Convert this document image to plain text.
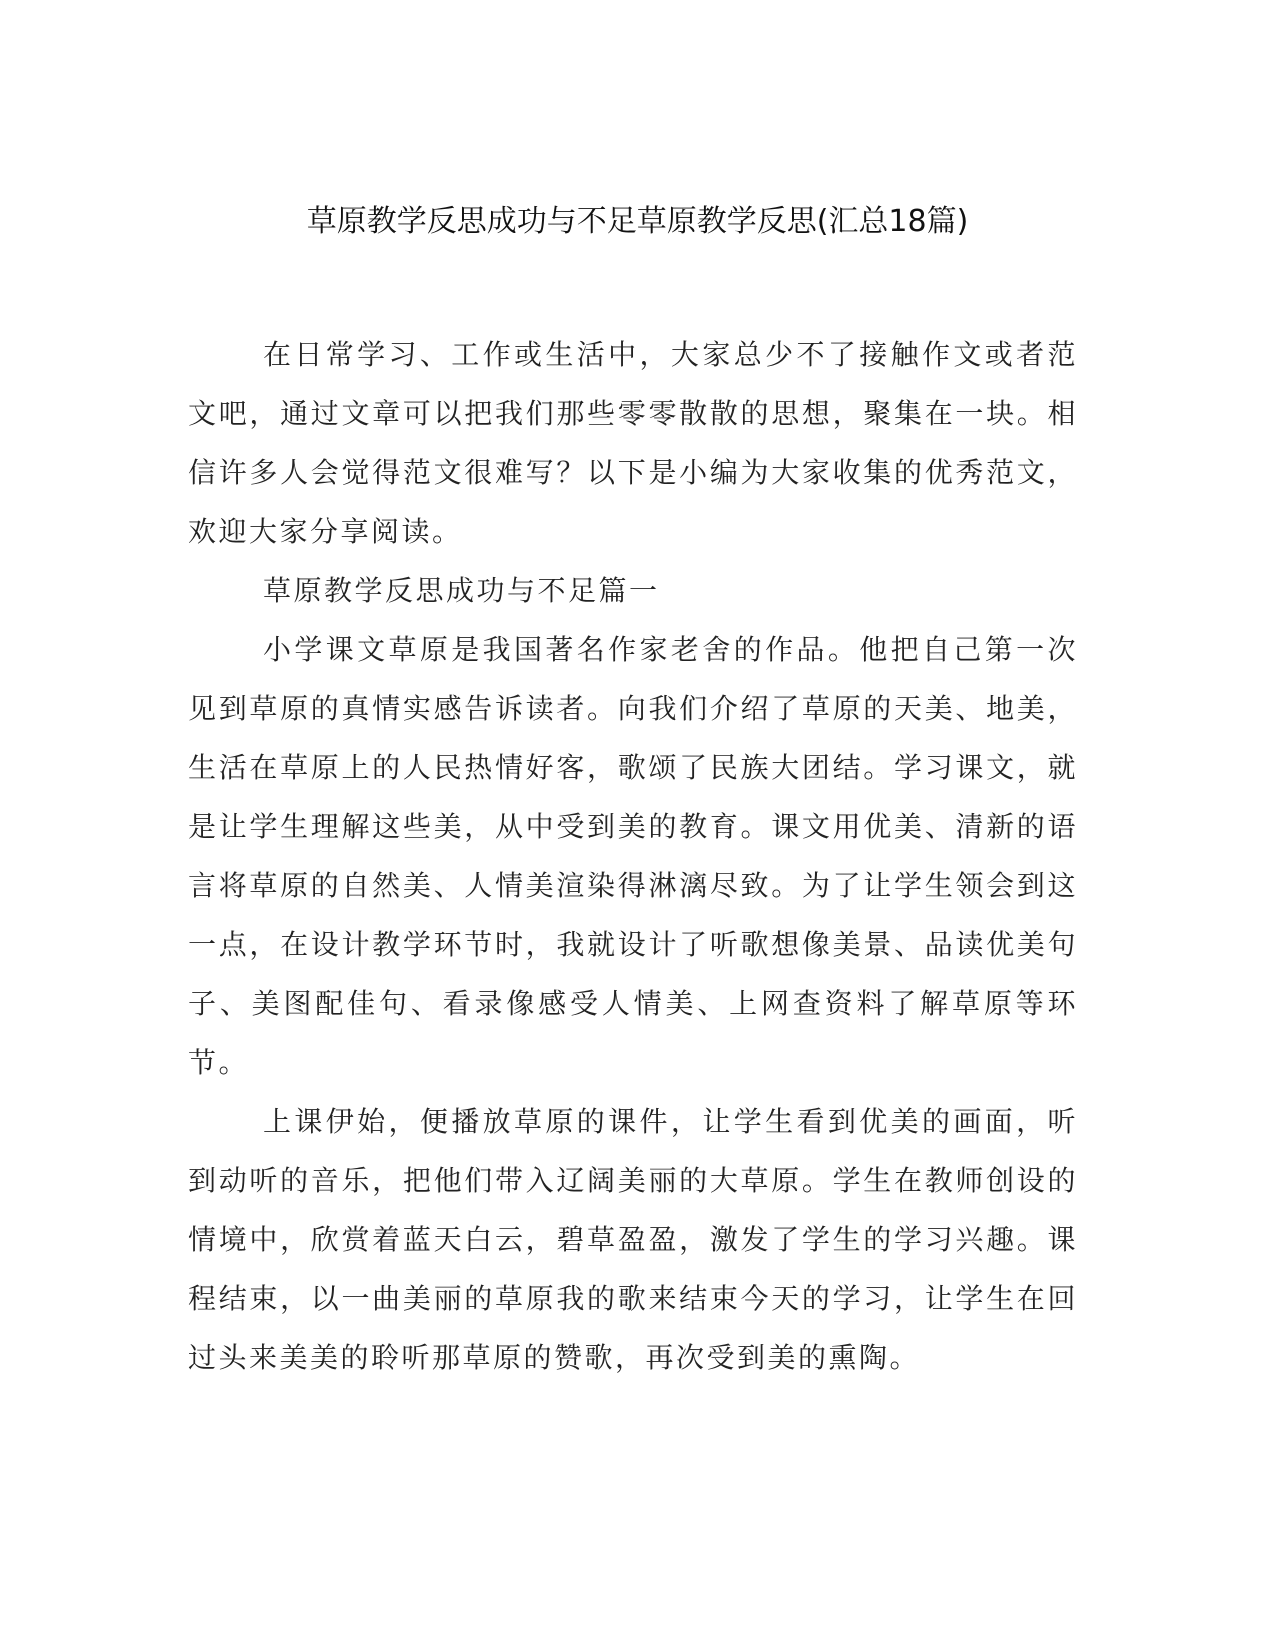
草原教学反思成功与不足草原教学反思(汇总18篇)

在日常学习、工作或生活中，大家总少不了接触作文或者范文吧，通过文章可以把我们那些零零散散的思想，聚集在一块。相信许多人会觉得范文很难写？以下是小编为大家收集的优秀范文，欢迎大家分享阅读。

草原教学反思成功与不足篇一

小学课文草原是我国著名作家老舍的作品。他把自己第一次见到草原的真情实感告诉读者。向我们介绍了草原的天美、地美，生活在草原上的人民热情好客，歌颂了民族大团结。学习课文，就是让学生理解这些美，从中受到美的教育。课文用优美、清新的语言将草原的自然美、人情美渲染得淋漓尽致。为了让学生领会到这一点，在设计教学环节时，我就设计了听歌想像美景、品读优美句子、美图配佳句、看录像感受人情美、上网查资料了解草原等环节。

上课伊始，便播放草原的课件，让学生看到优美的画面，听到动听的音乐，把他们带入辽阔美丽的大草原。学生在教师创设的情境中，欣赏着蓝天白云，碧草盈盈，激发了学生的学习兴趣。课程结束，以一曲美丽的草原我的歌来结束今天的学习，让学生在回过头来美美的聆听那草原的赞歌，再次受到美的熏陶。
